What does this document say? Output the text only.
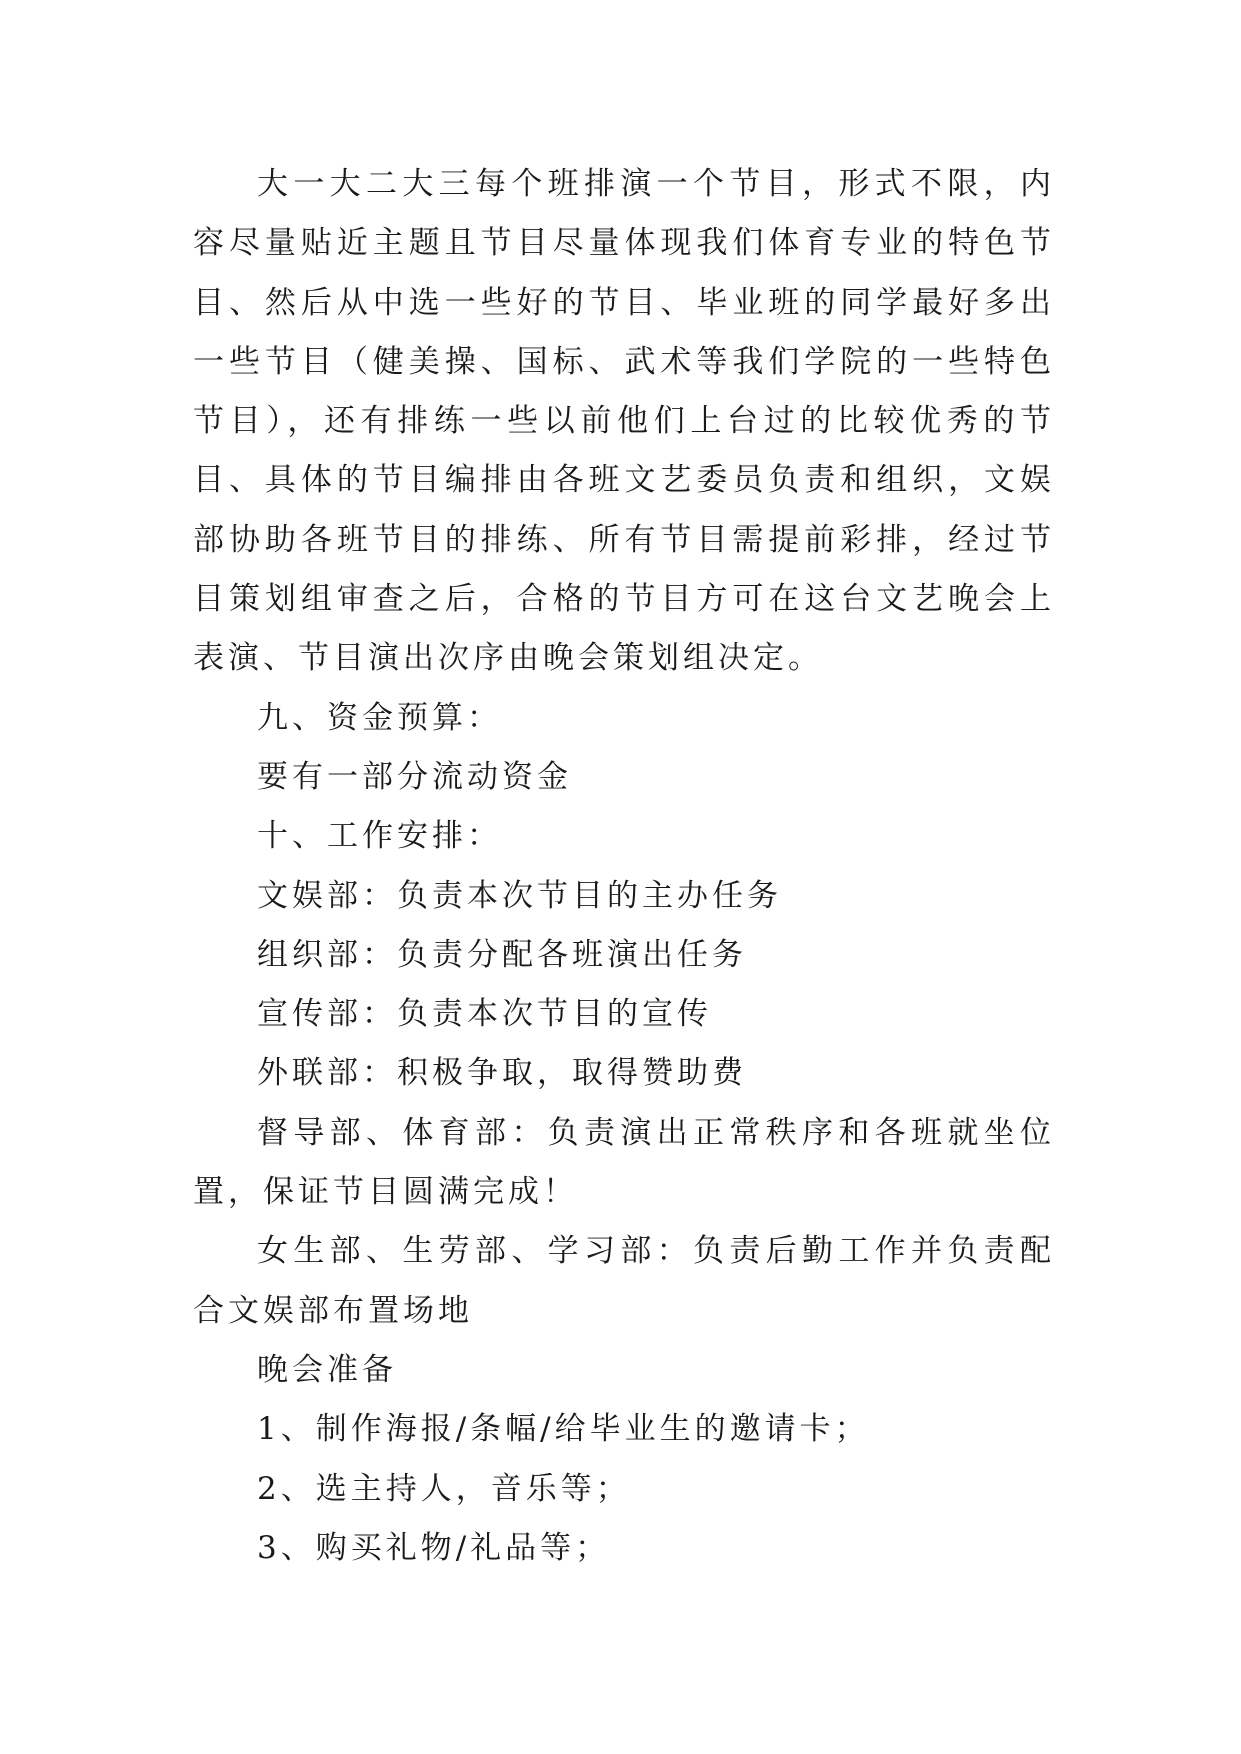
大一大二大三每个班排演一个节目，形式不限，内容尽量贴近主题且节目尽量体现我们体育专业的特色节目、然后从中选一些好的节目、毕业班的同学最好多出一些节目（健美操、国标、武术等我们学院的一些特色节目），还有排练一些以前他们上台过的比较优秀的节目、具体的节目编排由各班文艺委员负责和组织，文娱部协助各班节目的排练、所有节目需提前彩排，经过节目策划组审查之后，合格的节目方可在这台文艺晚会上表演、节目演出次序由晚会策划组决定。

九、资金预算：

要有一部分流动资金

十、工作安排：

文娱部：负责本次节目的主办任务

组织部：负责分配各班演出任务

宣传部：负责本次节目的宣传

外联部：积极争取，取得赞助费

督导部、体育部：负责演出正常秩序和各班就坐位置，保证节目圆满完成！

女生部、生劳部、学习部：负责后勤工作并负责配合文娱部布置场地

晚会准备

1、制作海报/条幅/给毕业生的邀请卡；

2、选主持人，音乐等；

3、购买礼物/礼品等；
